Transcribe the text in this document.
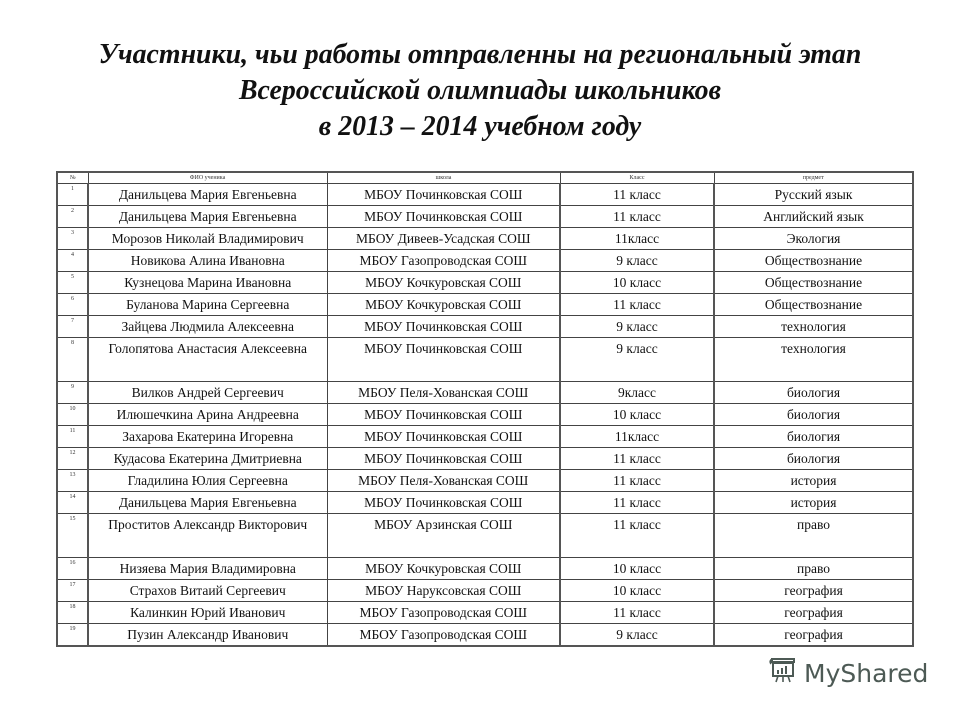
Участники, чьи работы отправленны на региональный этап
Всероссийской олимпиады школьников
в 2013 – 2014 учебном году
№	ФИО ученика	школа	Класс	предмет
1	Данильцева Мария Евгеньевна	МБОУ Починковская СОШ	11 класс	Русский язык
2	Данильцева Мария Евгеньевна	МБОУ Починковская СОШ	11 класс	Английский язык
3	Морозов Николай Владимирович	МБОУ Дивеев-Усадская СОШ	11класс	Экология
4	Новикова Алина Ивановна	МБОУ Газопроводская СОШ	9 класс	Обществознание
5	Кузнецова Марина Ивановна	МБОУ Кочкуровская СОШ	10 класс	Обществознание
6	Буланова Марина Сергеевна	МБОУ Кочкуровская СОШ	11 класс	Обществознание
7	Зайцева Людмила Алексеевна	МБОУ Починковская СОШ	9 класс	технология
8	Голопятова Анастасия Алексеевна	МБОУ Починковская СОШ	9 класс	технология
9	Вилков Андрей Сергеевич	МБОУ Пеля-Хованская СОШ	9класс	биология
10	Илюшечкина Арина Андреевна	МБОУ Починковская СОШ	10 класс	биология
11	Захарова Екатерина Игоревна	МБОУ Починковская СОШ	11класс	биология
12	Кудасова Екатерина Дмитриевна	МБОУ Починковская СОШ	11 класс	биология
13	Гладилина Юлия Сергеевна	МБОУ Пеля-Хованская СОШ	11 класс	история
14	Данильцева Мария Евгеньевна	МБОУ Починковская СОШ	11 класс	история
15	Проститов Александр Викторович	МБОУ Арзинская СОШ	11 класс	право
16	Низяева Мария Владимировна	МБОУ Кочкуровская СОШ	10 класс	право
17	Страхов Витаий Сергеевич	МБОУ Наруксовская СОШ	10 класс	география
18	Калинкин Юрий Иванович	МБОУ Газопроводская СОШ	11 класс	география
19	Пузин Александр Иванович	МБОУ Газопроводская СОШ	9 класс	география
MyShared
